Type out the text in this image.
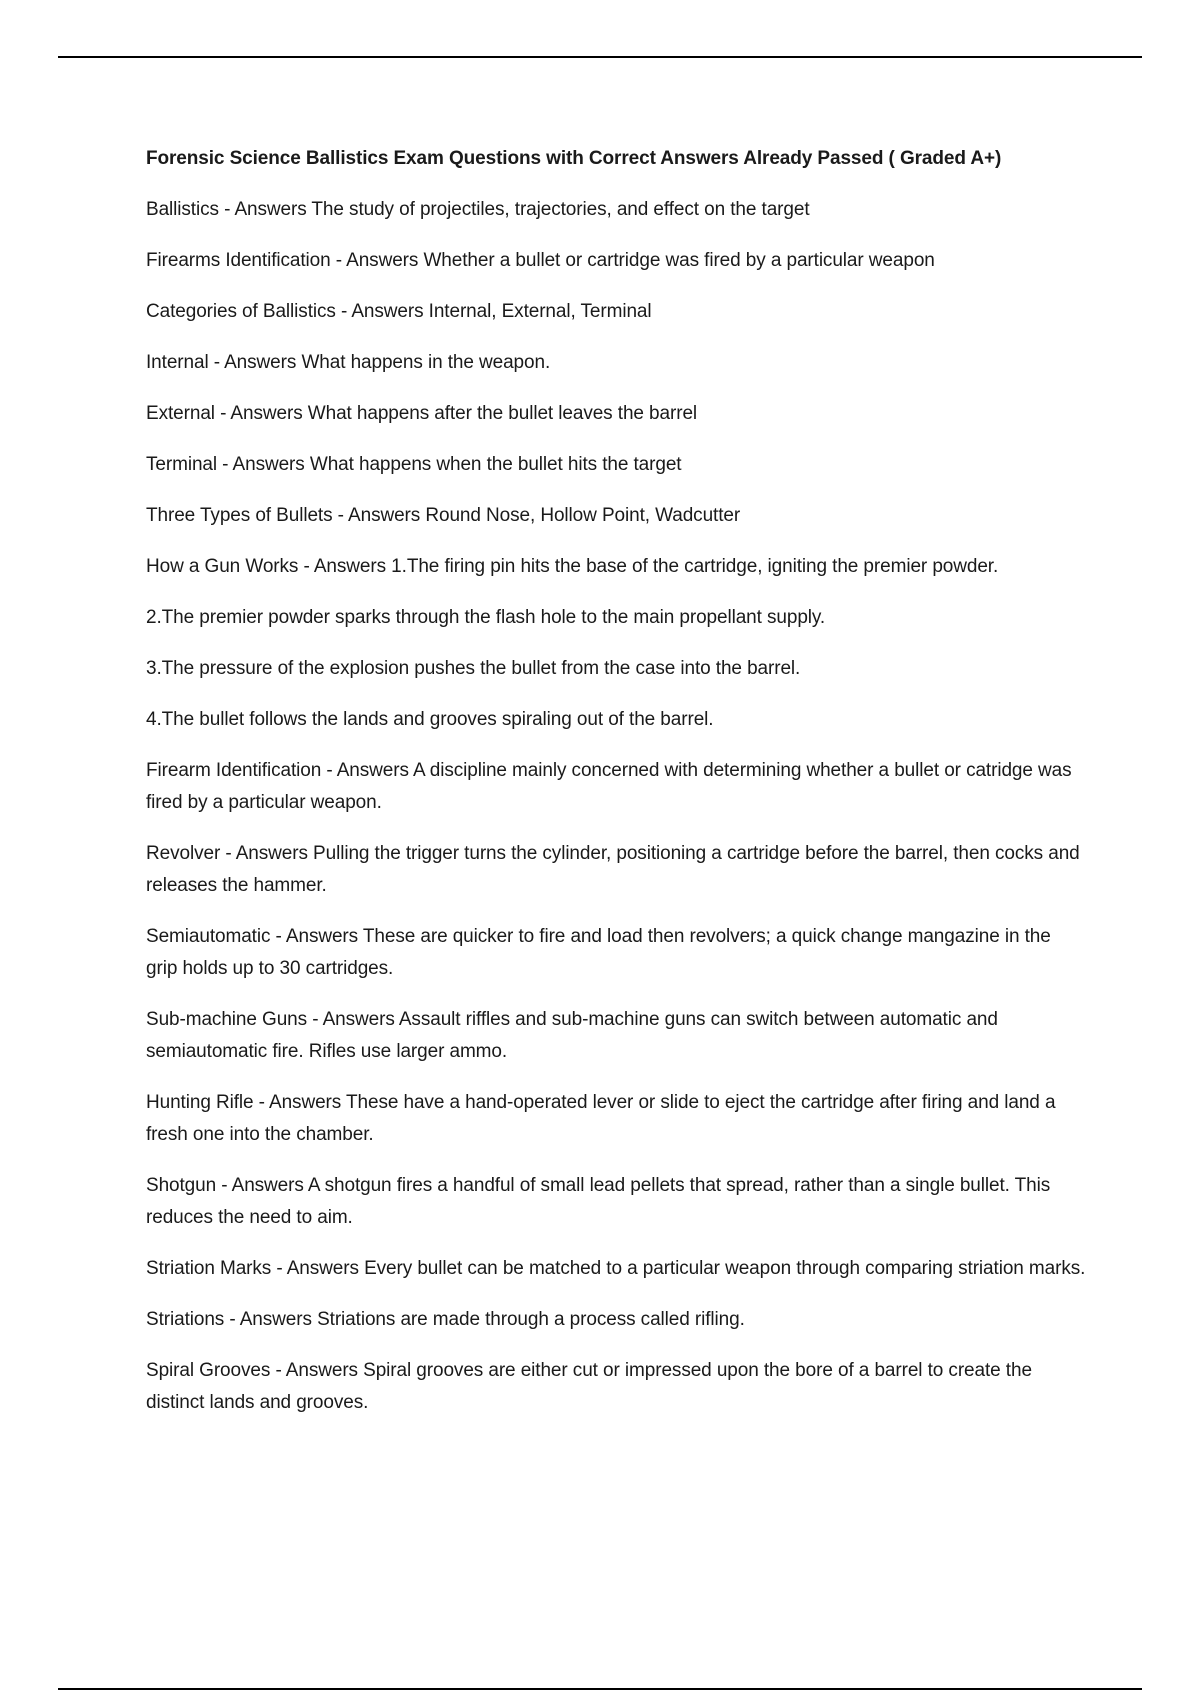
Forensic Science Ballistics Exam Questions with Correct Answers Already Passed ( Graded A+)

Ballistics - Answers The study of projectiles, trajectories, and effect on the target

Firearms Identification - Answers Whether a bullet or cartridge was fired by a particular weapon

Categories of Ballistics - Answers Internal, External, Terminal

Internal - Answers What happens in the weapon.

External - Answers What happens after the bullet leaves the barrel

Terminal - Answers What happens when the bullet hits the target

Three Types of Bullets - Answers Round Nose, Hollow Point, Wadcutter

How a Gun Works - Answers 1.The firing pin hits the base of the cartridge, igniting the premier powder.

2.The premier powder sparks through the flash hole to the main propellant supply.

3.The pressure of the explosion pushes the bullet from the case into the barrel.

4.The bullet follows the lands and grooves spiraling out of the barrel.

Firearm Identification - Answers A discipline mainly concerned with determining whether a bullet or catridge was fired by a particular weapon.

Revolver - Answers Pulling the trigger turns the cylinder, positioning a cartridge before the barrel, then cocks and releases the hammer.

Semiautomatic - Answers These are quicker to fire and load then revolvers; a quick change mangazine in the grip holds up to 30 cartridges.

Sub-machine Guns - Answers Assault riffles and sub-machine guns can switch between automatic and semiautomatic fire. Rifles use larger ammo.

Hunting Rifle - Answers These have a hand-operated lever or slide to eject the cartridge after firing and land a fresh one into the chamber.

Shotgun - Answers A shotgun fires a handful of small lead pellets that spread, rather than a single bullet. This reduces the need to aim.

Striation Marks - Answers Every bullet can be matched to a particular weapon through comparing striation marks.

Striations - Answers Striations are made through a process called rifling.

Spiral Grooves - Answers Spiral grooves are either cut or impressed upon the bore of a barrel to create the distinct lands and grooves.
